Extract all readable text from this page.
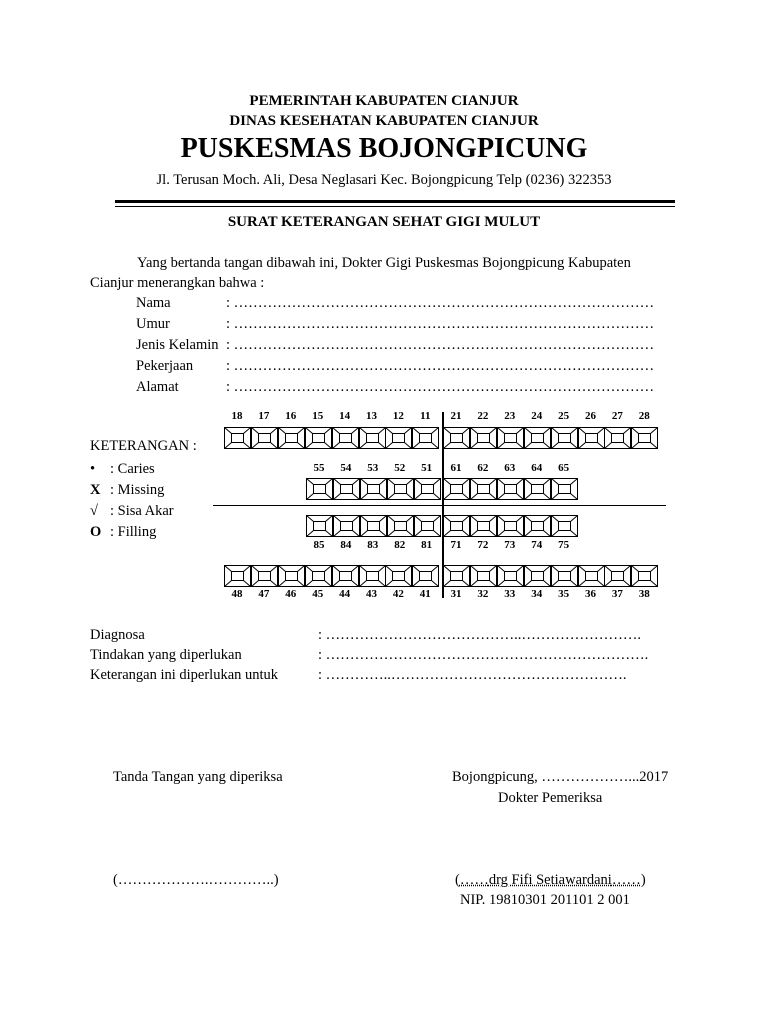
PEMERINTAH KABUPATEN CIANJUR
DINAS KESEHATAN KABUPATEN CIANJUR
PUSKESMAS BOJONGPICUNG
Jl. Terusan Moch. Ali, Desa Neglasari Kec. Bojongpicung Telp (0236) 322353
SURAT KETERANGAN SEHAT GIGI MULUT
Yang bertanda tangan dibawah ini, Dokter Gigi Puskesmas Bojongpicung Kabupaten
Cianjur menerangkan bahwa :
Nama	: ……………………………………………………………………………
Umur	: ……………………………………………………………………………
Jenis Kelamin : ……………………………………………………………………………
Pekerjaan : ……………………………………………………………………………
Alamat	: ……………………………………………………………………………
KETERANGAN :
• : Caries
X : Missing
√ : Sisa Akar
O : Filling
18	17	16	15	14	13	12	11	21	22	23	24	25	26	27	28
55	54	53	52	51	61	62	63	64	65
85	84	83	82	81	71	72	73	74	75
48	47	46	45	44	43	42	41	31	32	33	34	35	36	37	38
Diagnosa	: …………………………………..…………………….
Tindakan yang diperlukan	: ………………………………………………………….
Keterangan ini diperlukan untuk	: …………..………………………………………….
Tanda Tangan yang diperiksa	Bojongpicung, ………………...2017
Dokter Pemeriksa
(……………….…………..)	(……drg Fifi Setiawardani……)
NIP. 19810301 201101 2 001
